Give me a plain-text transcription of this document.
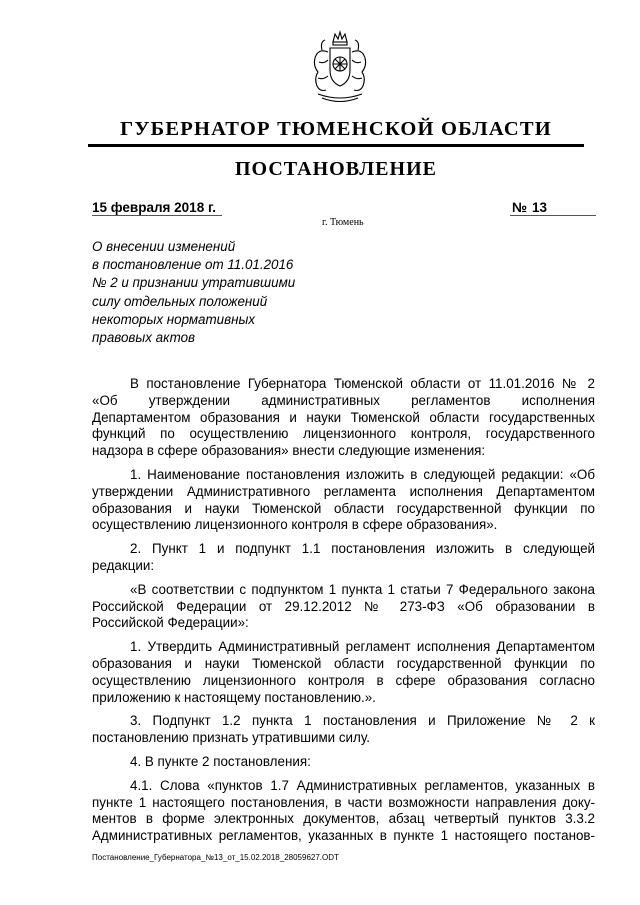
ГУБЕРНАТОР ТЮМЕНСКОЙ ОБЛАСТИ
ПОСТАНОВЛЕНИЕ
15 февраля 2018 г.	№ 13
г. Тюмень
О внесении изменений
в постановление от 11.01.2016
№ 2 и признании утратившими
силу отдельных положений
некоторых нормативных
правовых актов
В постановление Губернатора Тюменской области от 11.01.2016 № 2
«Об утверждении административных регламентов исполнения
Департаментом образования и науки Тюменской области государственных
функций по осуществлению лицензионного контроля, государственного
надзора в сфере образования» внести следующие изменения:
1. Наименование постановления изложить в следующей редакции: «Об
утверждении Административного регламента исполнения Департаментом
образования и науки Тюменской области государственной функции по
осуществлению лицензионного контроля в сфере образования».
2. Пункт 1 и подпункт 1.1 постановления изложить в следующей
редакции:
«В соответствии с подпунктом 1 пункта 1 статьи 7 Федерального закона
Российской Федерации от 29.12.2012 № 273-ФЗ «Об образовании в
Российской Федерации»:
1. Утвердить Административный регламент исполнения Департаментом
образования и науки Тюменской области государственной функции по
осуществлению лицензионного контроля в сфере образования согласно
приложению к настоящему постановлению.».
3. Подпункт 1.2 пункта 1 постановления и Приложение № 2 к
постановлению признать утратившими силу.
4. В пункте 2 постановления:
4.1. Слова «пунктов 1.7 Административных регламентов, указанных в
пункте 1 настоящего постановления, в части возможности направления доку-
ментов в форме электронных документов, абзац четвертый пунктов 3.3.2
Административных регламентов, указанных в пункте 1 настоящего постанов-
Постановление_Губернатора_№13_от_15.02.2018_28059627.ODT
